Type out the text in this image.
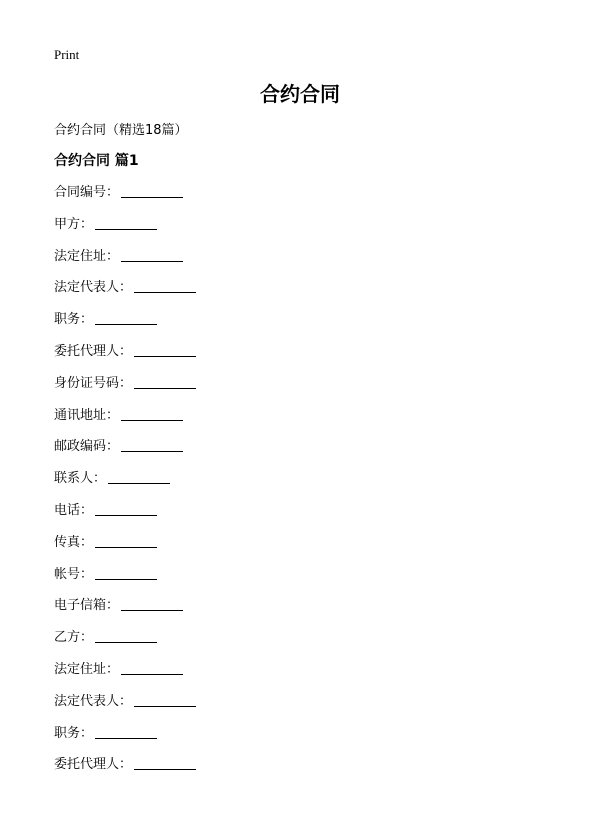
Print
合约合同

合约合同（精选18篇）

合约合同 篇1
合同编号：
甲方：
法定住址：
法定代表人：
职务：
委托代理人：
身份证号码：
通讯地址：
邮政编码：
联系人：
电话：
传真：
帐号：
电子信箱：
乙方：
法定住址：
法定代表人：
职务：
委托代理人：
